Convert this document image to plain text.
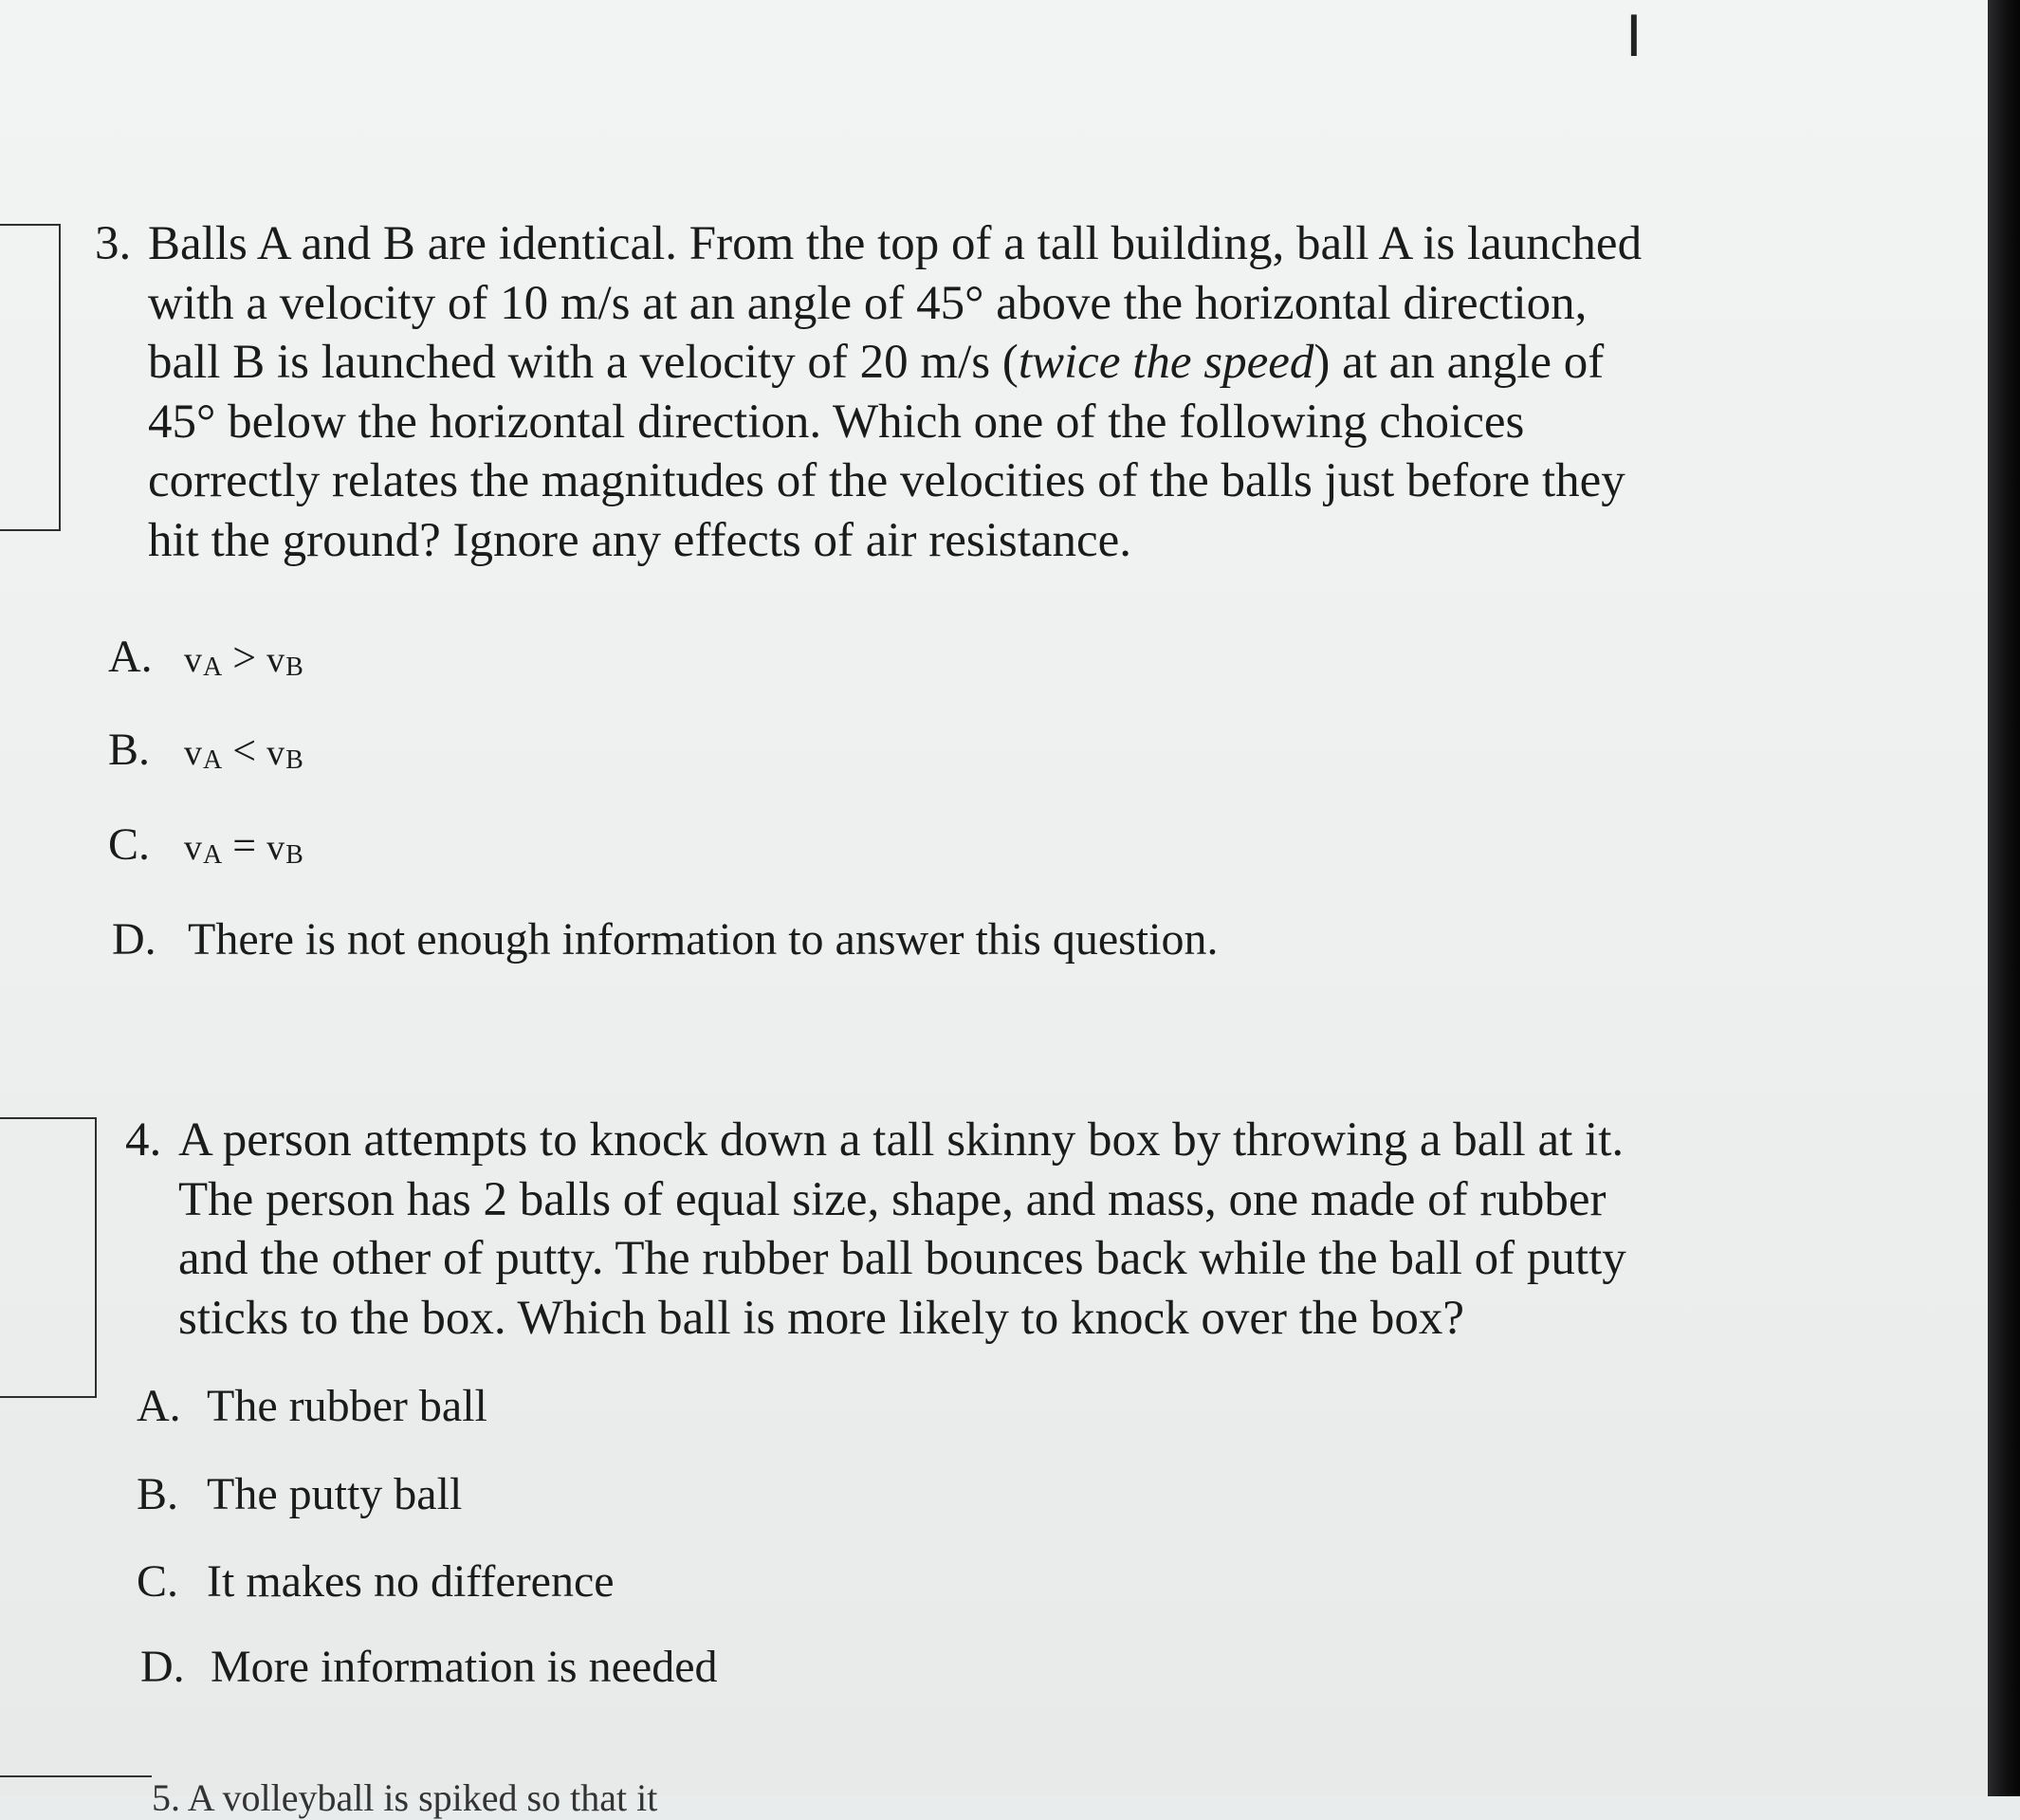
3. Balls A and B are identical. From the top of a tall building, ball A is launched
with a velocity of 10 m/s at an angle of 45° above the horizontal direction,
ball B is launched with a velocity of 20 m/s (twice the speed) at an angle of
45° below the horizontal direction. Which one of the following choices
correctly relates the magnitudes of the velocities of the balls just before they
hit the ground? Ignore any effects of air resistance.
A. $v_A > v_B$
B. $v_A < v_B$
C. $v_A = v_B$
D. There is not enough information to answer this question.
4. A person attempts to knock down a tall skinny box by throwing a ball at it.
The person has 2 balls of equal size, shape, and mass, one made of rubber
and the other of putty. The rubber ball bounces back while the ball of putty
sticks to the box. Which ball is more likely to knock over the box?
A. The rubber ball
B. The putty ball
C. It makes no difference
D. More information is needed
5. A volleyball is spiked so that it
I
